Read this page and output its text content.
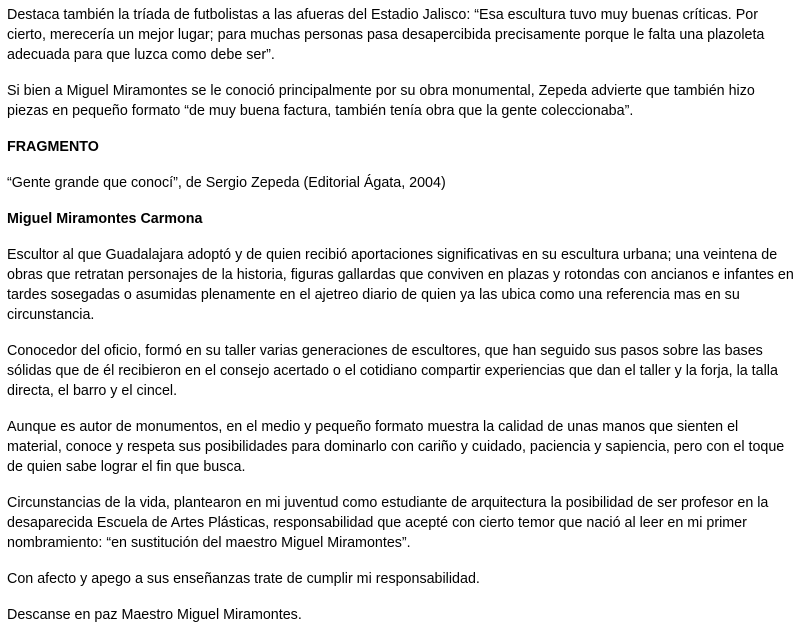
Destaca también la tríada de futbolistas a las afueras del Estadio Jalisco: “Esa escultura tuvo muy buenas críticas. Por
cierto, merecería un mejor lugar; para muchas personas pasa desapercibida precisamente porque le falta una plazoleta
adecuada para que luzca como debe ser”.

Si bien a Miguel Miramontes se le conoció principalmente por su obra monumental, Zepeda advierte que también hizo
piezas en pequeño formato “de muy buena factura, también tenía obra que la gente coleccionaba”.

FRAGMENTO

“Gente grande que conocí”, de Sergio Zepeda (Editorial Ágata, 2004)

Miguel Miramontes Carmona

Escultor al que Guadalajara adoptó y de quien recibió aportaciones significativas en su escultura urbana; una veintena de
obras que retratan personajes de la historia, figuras gallardas que conviven en plazas y rotondas con ancianos e infantes en
tardes sosegadas o asumidas plenamente en el ajetreo diario de quien ya las ubica como una referencia mas en su
circunstancia.

Conocedor del oficio, formó en su taller varias generaciones de escultores, que han seguido sus pasos sobre las bases
sólidas que de él recibieron en el consejo acertado o el cotidiano compartir experiencias que dan el taller y la forja, la talla
directa, el barro y el cincel.

Aunque es autor de monumentos, en el medio y pequeño formato muestra la calidad de unas manos que sienten el
material, conoce y respeta sus posibilidades para dominarlo con cariño y cuidado, paciencia y sapiencia, pero con el toque
de quien sabe lograr el fin que busca.

Circunstancias de la vida, plantearon en mi juventud como estudiante de arquitectura la posibilidad de ser profesor en la
desaparecida Escuela de Artes Plásticas, responsabilidad que acepté con cierto temor que nació al leer en mi primer
nombramiento: “en sustitución del maestro Miguel Miramontes”.

Con afecto y apego a sus enseñanzas trate de cumplir mi responsabilidad.

Descanse en paz Maestro Miguel Miramontes.
